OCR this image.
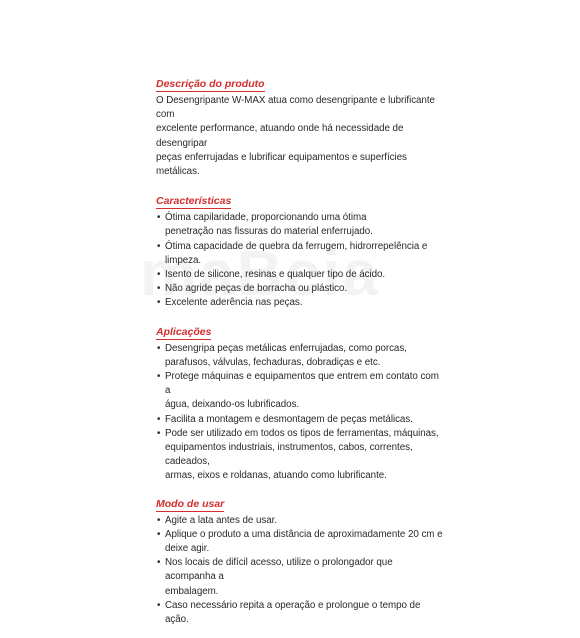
Descrição do produto
O Desengripante W-MAX atua como desengripante e lubrificante com
excelente performance, atuando onde há necessidade de desengripar
peças enferrujadas e lubrificar equipamentos e superfícies metálicas.
Características
• Ótima capilaridade, proporcionando uma ótima
penetração nas fissuras do material enferrujado.
• Ótima capacidade de quebra da ferrugem, hidrorrepelência e limpeza.
• Isento de silicone, resinas e qualquer tipo de ácido.
• Não agride peças de borracha ou plástico.
• Excelente aderência nas peças.
Aplicações
• Desengripa peças metálicas enferrujadas, como porcas,
parafusos, válvulas, fechaduras, dobradiças e etc.
• Protege máquinas e equipamentos que entrem em contato com a
água, deixando-os lubrificados.
• Facilita a montagem e desmontagem de peças metálicas.
• Pode ser utilizado em todos os tipos de ferramentas, máquinas,
equipamentos industriais, instrumentos, cabos, correntes, cadeados,
armas, eixos e roldanas, atuando como lubrificante.
Modo de usar
• Agite a lata antes de usar.
• Aplique o produto a uma distância de aproximadamente 20 cm e
deixe agir.
• Nos locais de difícil acesso, utilize o prolongador que acompanha a
embalagem.
• Caso necessário repita a operação e prolongue o tempo de ação.
